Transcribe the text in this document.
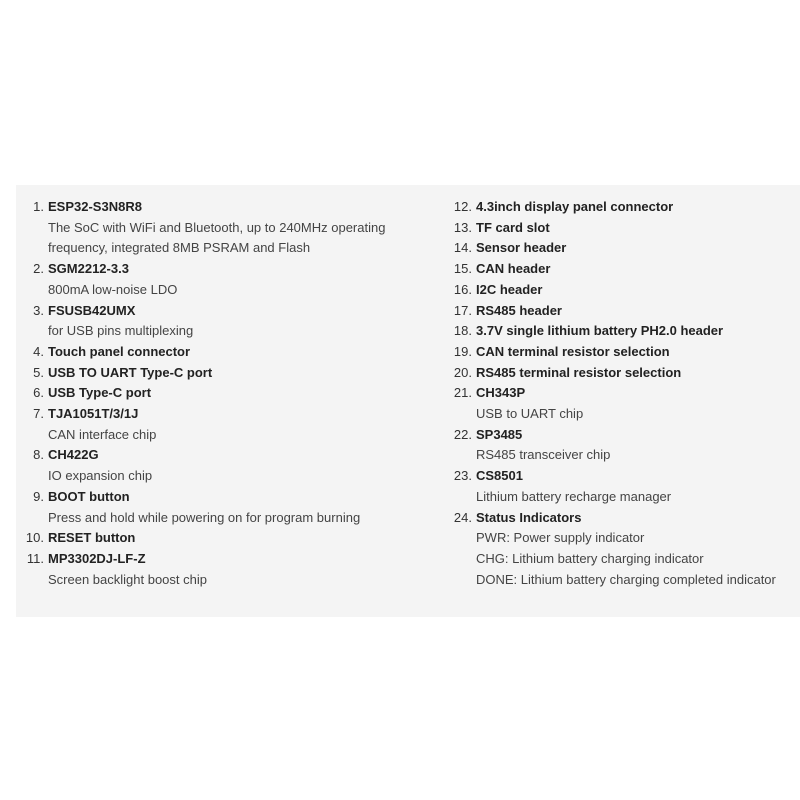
1. ESP32-S3N8R8
The SoC with WiFi and Bluetooth, up to 240MHz operating
frequency, integrated 8MB PSRAM and Flash
2. SGM2212-3.3
800mA low-noise LDO
3. FSUSB42UMX
for USB pins multiplexing
4. Touch panel connector
5. USB TO UART Type-C port
6. USB Type-C port
7. TJA1051T/3/1J
CAN interface chip
8. CH422G
IO expansion chip
9. BOOT button
Press and hold while powering on for program burning
10. RESET button
11. MP3302DJ-LF-Z
Screen backlight boost chip
12. 4.3inch display panel connector
13. TF card slot
14. Sensor header
15. CAN header
16. I2C header
17. RS485 header
18. 3.7V single lithium battery PH2.0 header
19. CAN terminal resistor selection
20. RS485 terminal resistor selection
21. CH343P
USB to UART chip
22. SP3485
RS485 transceiver chip
23. CS8501
Lithium battery recharge manager
24. Status Indicators
PWR: Power supply indicator
CHG: Lithium battery charging indicator
DONE: Lithium battery charging completed indicator
